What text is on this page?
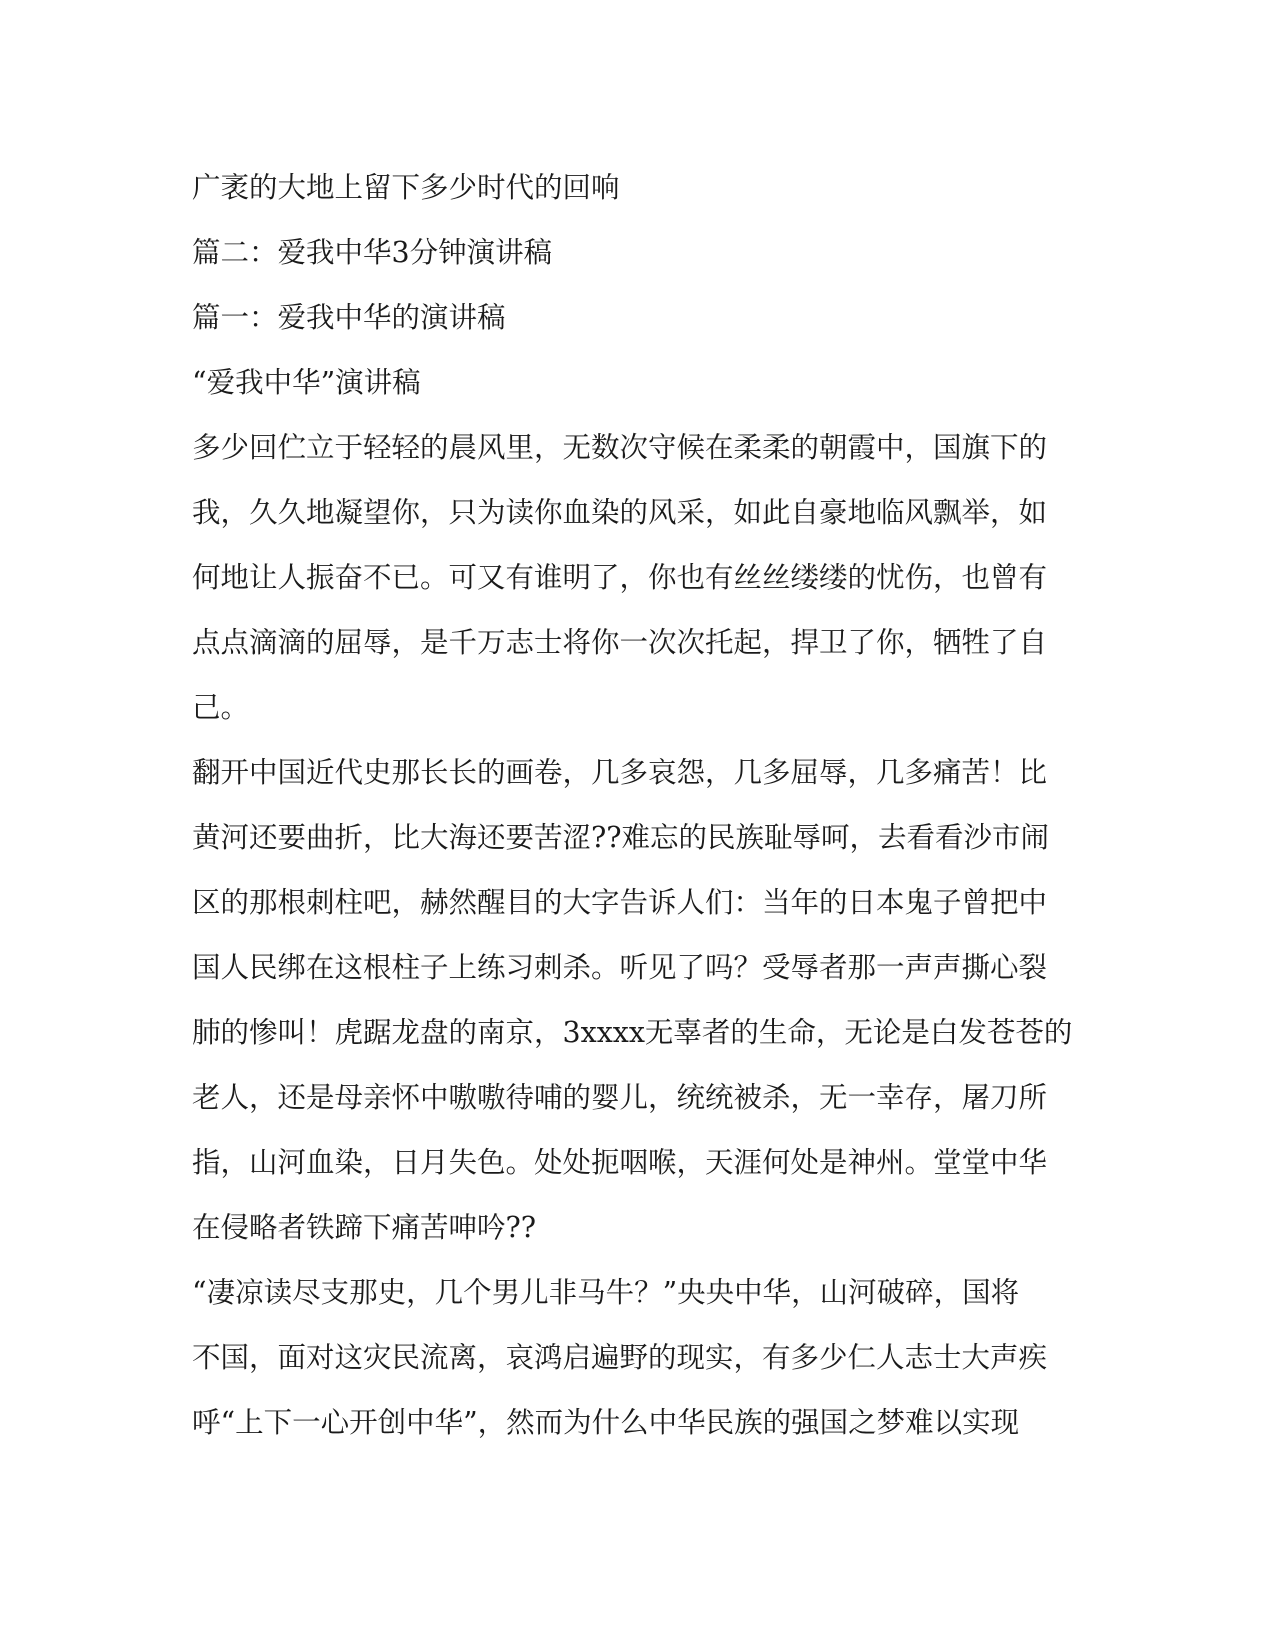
广袤的大地上留下多少时代的回响
篇二：爱我中华3分钟演讲稿
篇一：爱我中华的演讲稿
“爱我中华”演讲稿
多少回伫立于轻轻的晨风里，无数次守候在柔柔的朝霞中，国旗下的
我，久久地凝望你，只为读你血染的风采，如此自豪地临风飘举，如
何地让人振奋不已。可又有谁明了，你也有丝丝缕缕的忧伤，也曾有
点点滴滴的屈辱，是千万志士将你一次次托起，捍卫了你，牺牲了自
己。
翻开中国近代史那长长的画卷，几多哀怨，几多屈辱，几多痛苦！比
黄河还要曲折，比大海还要苦涩??难忘的民族耻辱呵，去看看沙市闹
区的那根刺柱吧，赫然醒目的大字告诉人们：当年的日本鬼子曾把中
国人民绑在这根柱子上练习刺杀。听见了吗？受辱者那一声声撕心裂
肺的惨叫！虎踞龙盘的南京，3xxxx无辜者的生命，无论是白发苍苍的
老人，还是母亲怀中嗷嗷待哺的婴儿，统统被杀，无一幸存，屠刀所
指，山河血染，日月失色。处处扼咽喉，天涯何处是神州。堂堂中华
在侵略者铁蹄下痛苦呻吟??
“凄凉读尽支那史，几个男儿非马牛？”央央中华，山河破碎，国将
不国，面对这灾民流离，哀鸿启遍野的现实，有多少仁人志士大声疾
呼“上下一心开创中华”，然而为什么中华民族的强国之梦难以实现
